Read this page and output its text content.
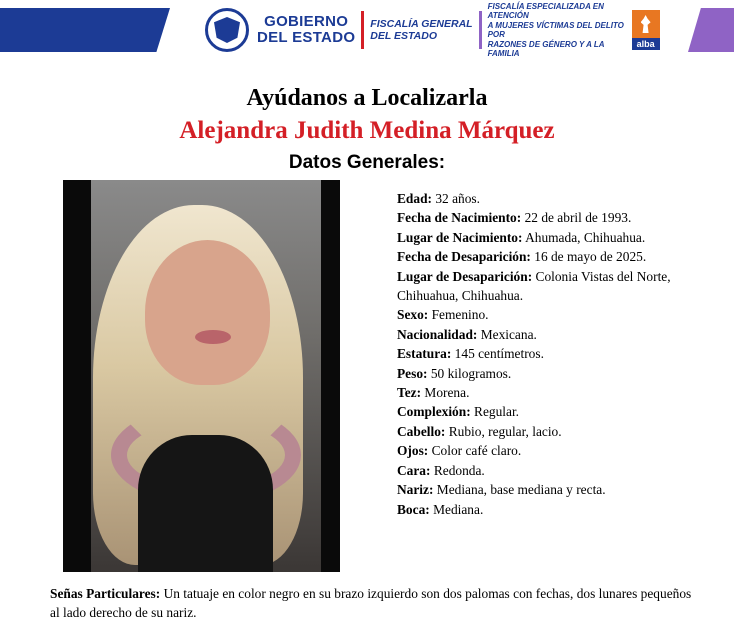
GOBIERNO
DEL ESTADO
FISCALÍA GENERAL
DEL ESTADO
FISCALÍA ESPECIALIZADA EN ATENCIÓN
A MUJERES VÍCTIMAS DEL DELITO POR
RAZONES DE GÉNERO Y A LA FAMILIA
alba
Ayúdanos a Localizarla
Alejandra Judith Medina Márquez
Datos Generales:
Edad: 32 años.
Fecha de Nacimiento: 22 de abril de 1993.
Lugar de Nacimiento: Ahumada, Chihuahua.
Fecha de Desaparición: 16 de mayo de 2025.
Lugar de Desaparición: Colonia Vistas del Norte, Chihuahua, Chihuahua.
Sexo: Femenino.
Nacionalidad: Mexicana.
Estatura: 145 centímetros.
Peso: 50 kilogramos.
Tez: Morena.
Complexión: Regular.
Cabello: Rubio, regular, lacio.
Ojos: Color café claro.
Cara: Redonda.
Nariz: Mediana, base mediana y recta.
Boca: Mediana.
Señas Particulares: Un tatuaje en color negro en su brazo izquierdo son dos palomas con fechas, dos lunares pequeños al lado derecho de su nariz.
